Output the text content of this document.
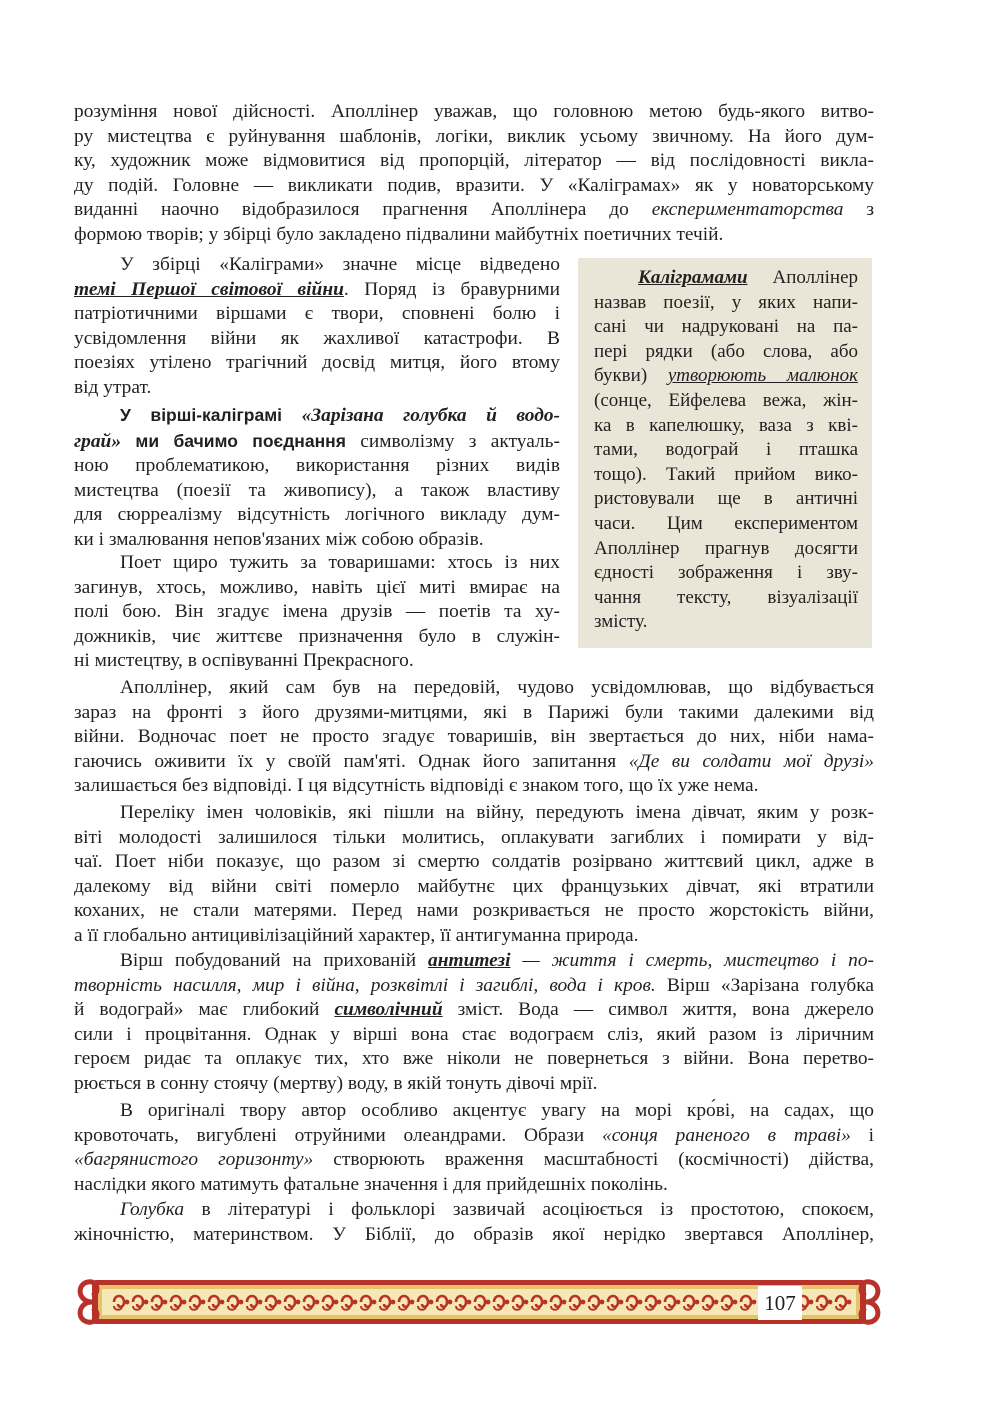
розуміння нової дійсності. Аполлінер уважав, що головною метою будь-якого витво-
ру мистецтва є руйнування шаблонів, логіки, виклик усьому звичному. На його дум-
ку, художник може відмовитися від пропорцій, літератор — від послідовності викла-
ду подій. Головне — викликати подив, вразити. У «Каліграмах» як у новаторському
виданні наочно відобразилося прагнення Аполлінера до експериментаторства з
формою творів; у збірці було закладено підвалини майбутніх поетичних течій.
У збірці «Каліграми» значне місце відведено
темі Першої світової війни. Поряд із бравурними
патріотичними віршами є твори, сповнені болю і
усвідомлення війни як жахливої катастрофи. В
поезіях утілено трагічний досвід митця, його втому
від утрат.
У вірші-каліграмі «Зарізана голубка й водо-
грай» ми бачимо поєднання символізму з актуаль-
ною проблематикою, використання різних видів
мистецтва (поезії та живопису), а також властиву
для сюрреалізму відсутність логічного викладу дум-
ки і змалювання непов'язаних між собою образів.
Поет щиро тужить за товаришами: хтось із них
загинув, хтось, можливо, навіть цієї миті вмирає на
полі бою. Він згадує імена друзів — поетів та ху-
дожників, чиє життєве призначення було в служін-
ні мистецтву, в оспівуванні Прекрасного.
Каліграмами Аполлінер
назвав поезії, у яких напи-
сані чи надруковані на па-
пері рядки (або слова, або
букви) утворюють малюнок
(сонце, Ейфелева вежа, жін-
ка в капелюшку, ваза з кві-
тами, водограй і пташка
тощо). Такий прийом вико-
ристовували ще в античні
часи. Цим експериментом
Аполлінер прагнув досягти
єдності зображення і зву-
чання тексту, візуалізації
змісту.
Аполлінер, який сам був на передовій, чудово усвідомлював, що відбувається
зараз на фронті з його друзями-митцями, які в Парижі були такими далекими від
війни. Водночас поет не просто згадує товаришів, він звертається до них, ніби нама-
гаючись оживити їх у своїй пам'яті. Однак його запитання «Де ви солдати мої друзі»
залишається без відповіді. І ця відсутність відповіді є знаком того, що їх уже нема.
Переліку імен чоловіків, які пішли на війну, передують імена дівчат, яким у розк-
віті молодості залишилося тільки молитись, оплакувати загиблих і помирати у від-
чаї. Поет ніби показує, що разом зі смертю солдатів розірвано життєвий цикл, адже в
далекому від війни світі померло майбутнє цих французьких дівчат, які втратили
коханих, не стали матерями. Перед нами розкривається не просто жорстокість війни,
а її глобально антицивілізаційний характер, її антигуманна природа.
Вірш побудований на прихованій антитезі — життя і смерть, мистецтво і по-
творність насилля, мир і війна, розквітлі і загиблі, вода і кров. Вірш «Зарізана голубка
й водограй» має глибокий символічний зміст. Вода — символ життя, вона джерело
сили і процвітання. Однак у вірші вона стає водограєм сліз, який разом із ліричним
героєм ридає та оплакує тих, хто вже ніколи не повернеться з війни. Вона перетво-
рюється в сонну стоячу (мертву) воду, в якій тонуть дівочі мрії.
В оригіналі твору автор особливо акцентує увагу на морі кро́ві, на садах, що
кровоточать, вигублені отруйними олеандрами. Образи «сонця раненого в траві» і
«багрянистого горизонту» створюють враження масштабності (космічності) дійства,
наслідки якого матимуть фатальне значення і для прийдешніх поколінь.
Голубка в літературі і фольклорі зазвичай асоціюється із простотою, спокоєм,
жіночністю, материнством. У Біблії, до образів якої нерідко звертався Аполлінер,
107
